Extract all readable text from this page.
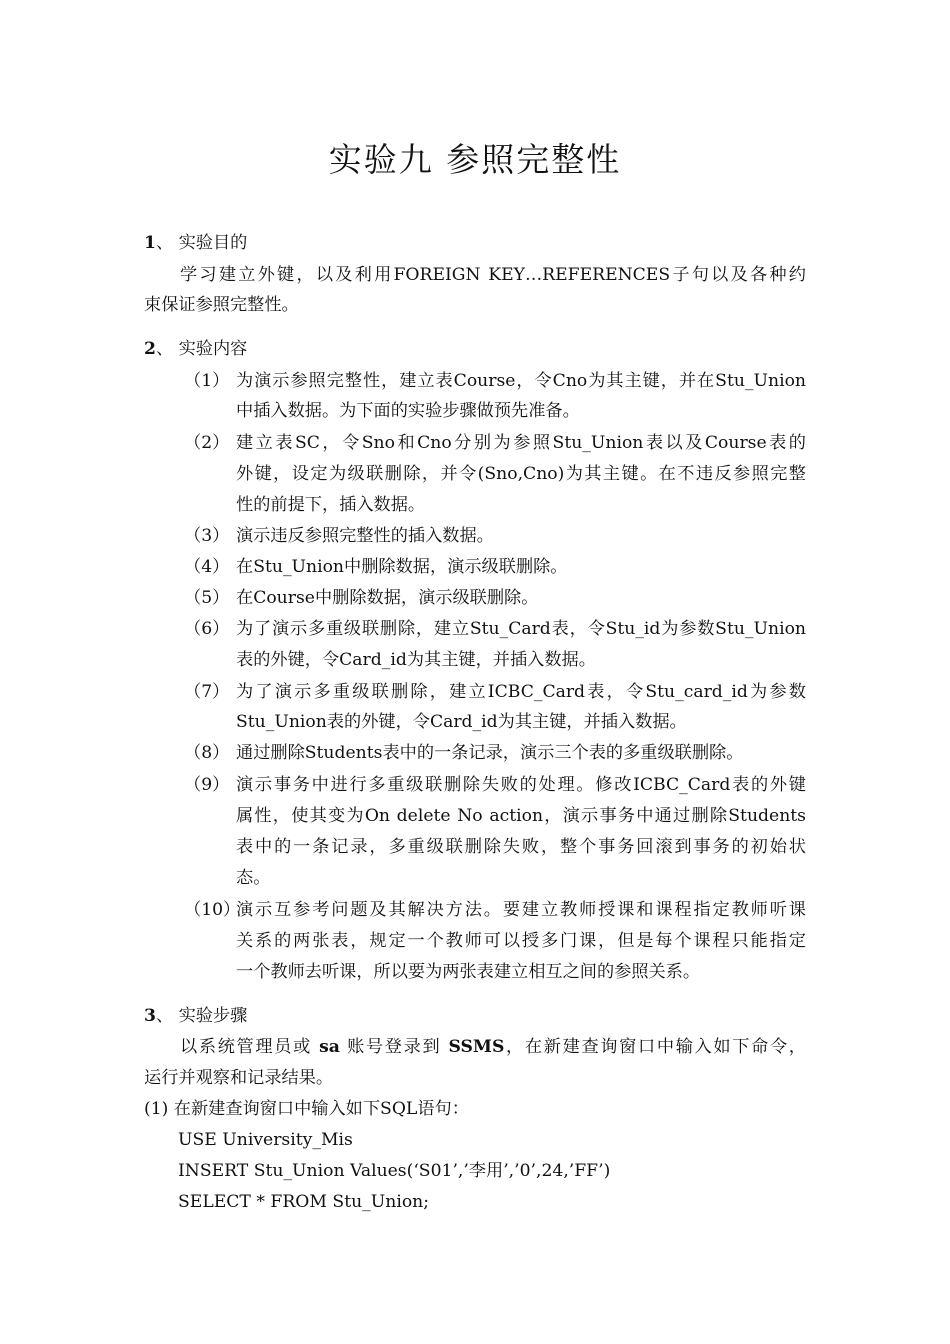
实验九 参照完整性
1、 实验目的
学习建立外键，以及利用FOREIGN KEY…REFERENCES子句以及各种约
束保证参照完整性。
2、 实验内容
（1） 为演示参照完整性，建立表Course，令Cno为其主键，并在Stu_Union
中插入数据。为下面的实验步骤做预先准备。
（2） 建立表SC，令Sno和Cno分别为参照Stu_Union表以及Course表的
外键，设定为级联删除，并令(Sno,Cno)为其主键。在不违反参照完整
性的前提下，插入数据。
（3） 演示违反参照完整性的插入数据。
（4） 在Stu_Union中删除数据，演示级联删除。
（5） 在Course中删除数据，演示级联删除。
（6） 为了演示多重级联删除，建立Stu_Card表，令Stu_id为参数Stu_Union
表的外键，令Card_id为其主键，并插入数据。
（7） 为了演示多重级联删除，建立ICBC_Card表，令Stu_card_id为参数
Stu_Union表的外键，令Card_id为其主键，并插入数据。
（8） 通过删除Students表中的一条记录，演示三个表的多重级联删除。
（9） 演示事务中进行多重级联删除失败的处理。修改ICBC_Card表的外键
属性，使其变为On delete No action，演示事务中通过删除Students
表中的一条记录，多重级联删除失败，整个事务回滚到事务的初始状
态。
（10）
演示互参考问题及其解决方法。要建立教师授课和课程指定教师听课
关系的两张表，规定一个教师可以授多门课，但是每个课程只能指定
一个教师去听课，所以要为两张表建立相互之间的参照关系。
3、 实验步骤
以系统管理员或 sa 账号登录到 SSMS，在新建查询窗口中输入如下命令，
运行并观察和记录结果。
(1) 在新建查询窗口中输入如下SQL语句：
USE University_Mis
INSERT Stu_Union Values(‘S01’,’李用’,’0’,24,’FF’)
SELECT * FROM Stu_Union;
